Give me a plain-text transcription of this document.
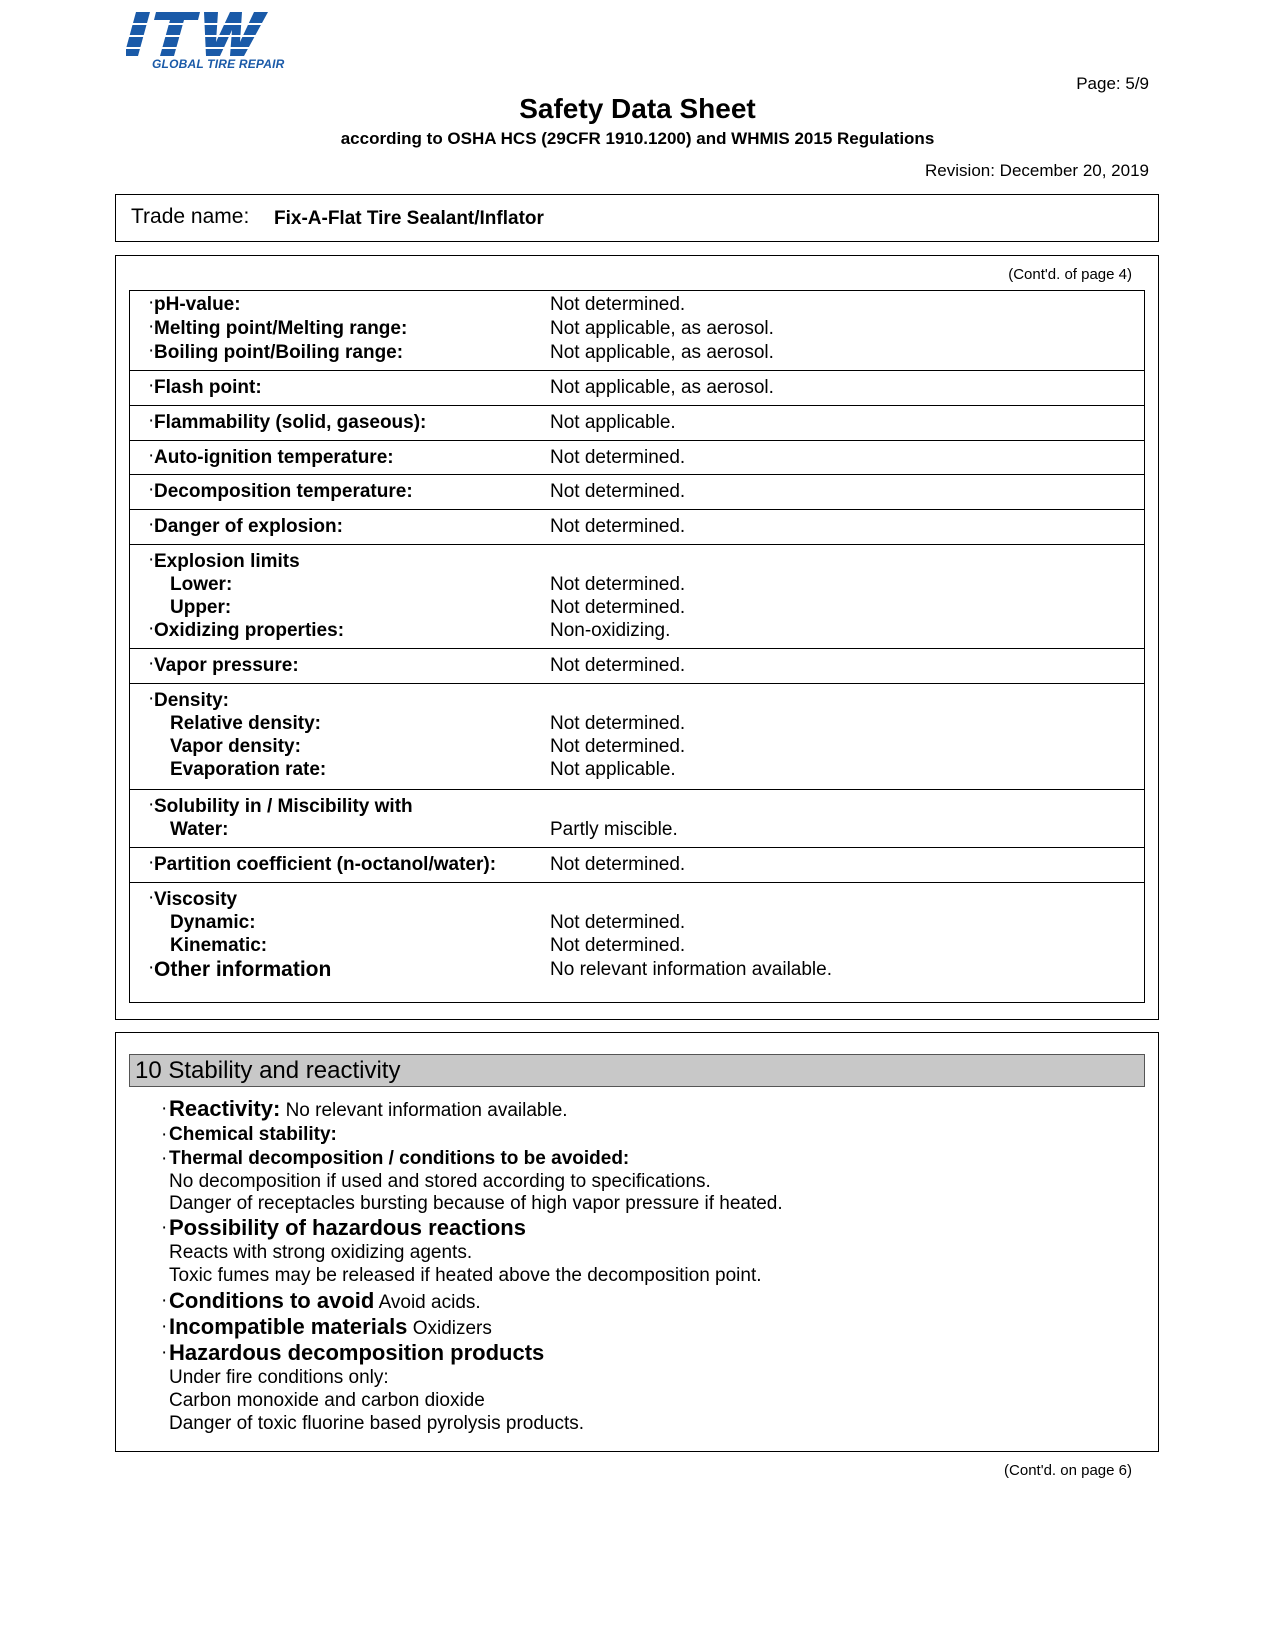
GLOBAL TIRE REPAIR
Page: 5/9
Safety Data Sheet
according to OSHA HCS (29CFR 1910.1200) and WHMIS 2015 Regulations
Revision: December 20, 2019
Trade name: Fix-A-Flat Tire Sealant/Inflator
(Cont'd. of page 4)
· pH-value:	Not determined.
· Melting point/Melting range:	Not applicable, as aerosol.
· Boiling point/Boiling range:	Not applicable, as aerosol.
· Flash point:	Not applicable, as aerosol.
· Flammability (solid, gaseous):	Not applicable.
· Auto-ignition temperature:	Not determined.
· Decomposition temperature:	Not determined.
· Danger of explosion:	Not determined.
· Explosion limits
Lower:	Not determined.
Upper:	Not determined.
· Oxidizing properties:	Non-oxidizing.
· Vapor pressure:	Not determined.
· Density:
Relative density:	Not determined.
Vapor density:	Not determined.
Evaporation rate:	Not applicable.
· Solubility in / Miscibility with
Water:	Partly miscible.
· Partition coefficient (n-octanol/water):	Not determined.
· Viscosity
Dynamic:	Not determined.
Kinematic:	Not determined.
· Other information	No relevant information available.
10 Stability and reactivity
· Reactivity: No relevant information available.
· Chemical stability:
· Thermal decomposition / conditions to be avoided:
No decomposition if used and stored according to specifications.
Danger of receptacles bursting because of high vapor pressure if heated.
· Possibility of hazardous reactions
Reacts with strong oxidizing agents.
Toxic fumes may be released if heated above the decomposition point.
· Conditions to avoid Avoid acids.
· Incompatible materials Oxidizers
· Hazardous decomposition products
Under fire conditions only:
Carbon monoxide and carbon dioxide
Danger of toxic fluorine based pyrolysis products.
(Cont'd. on page 6)
